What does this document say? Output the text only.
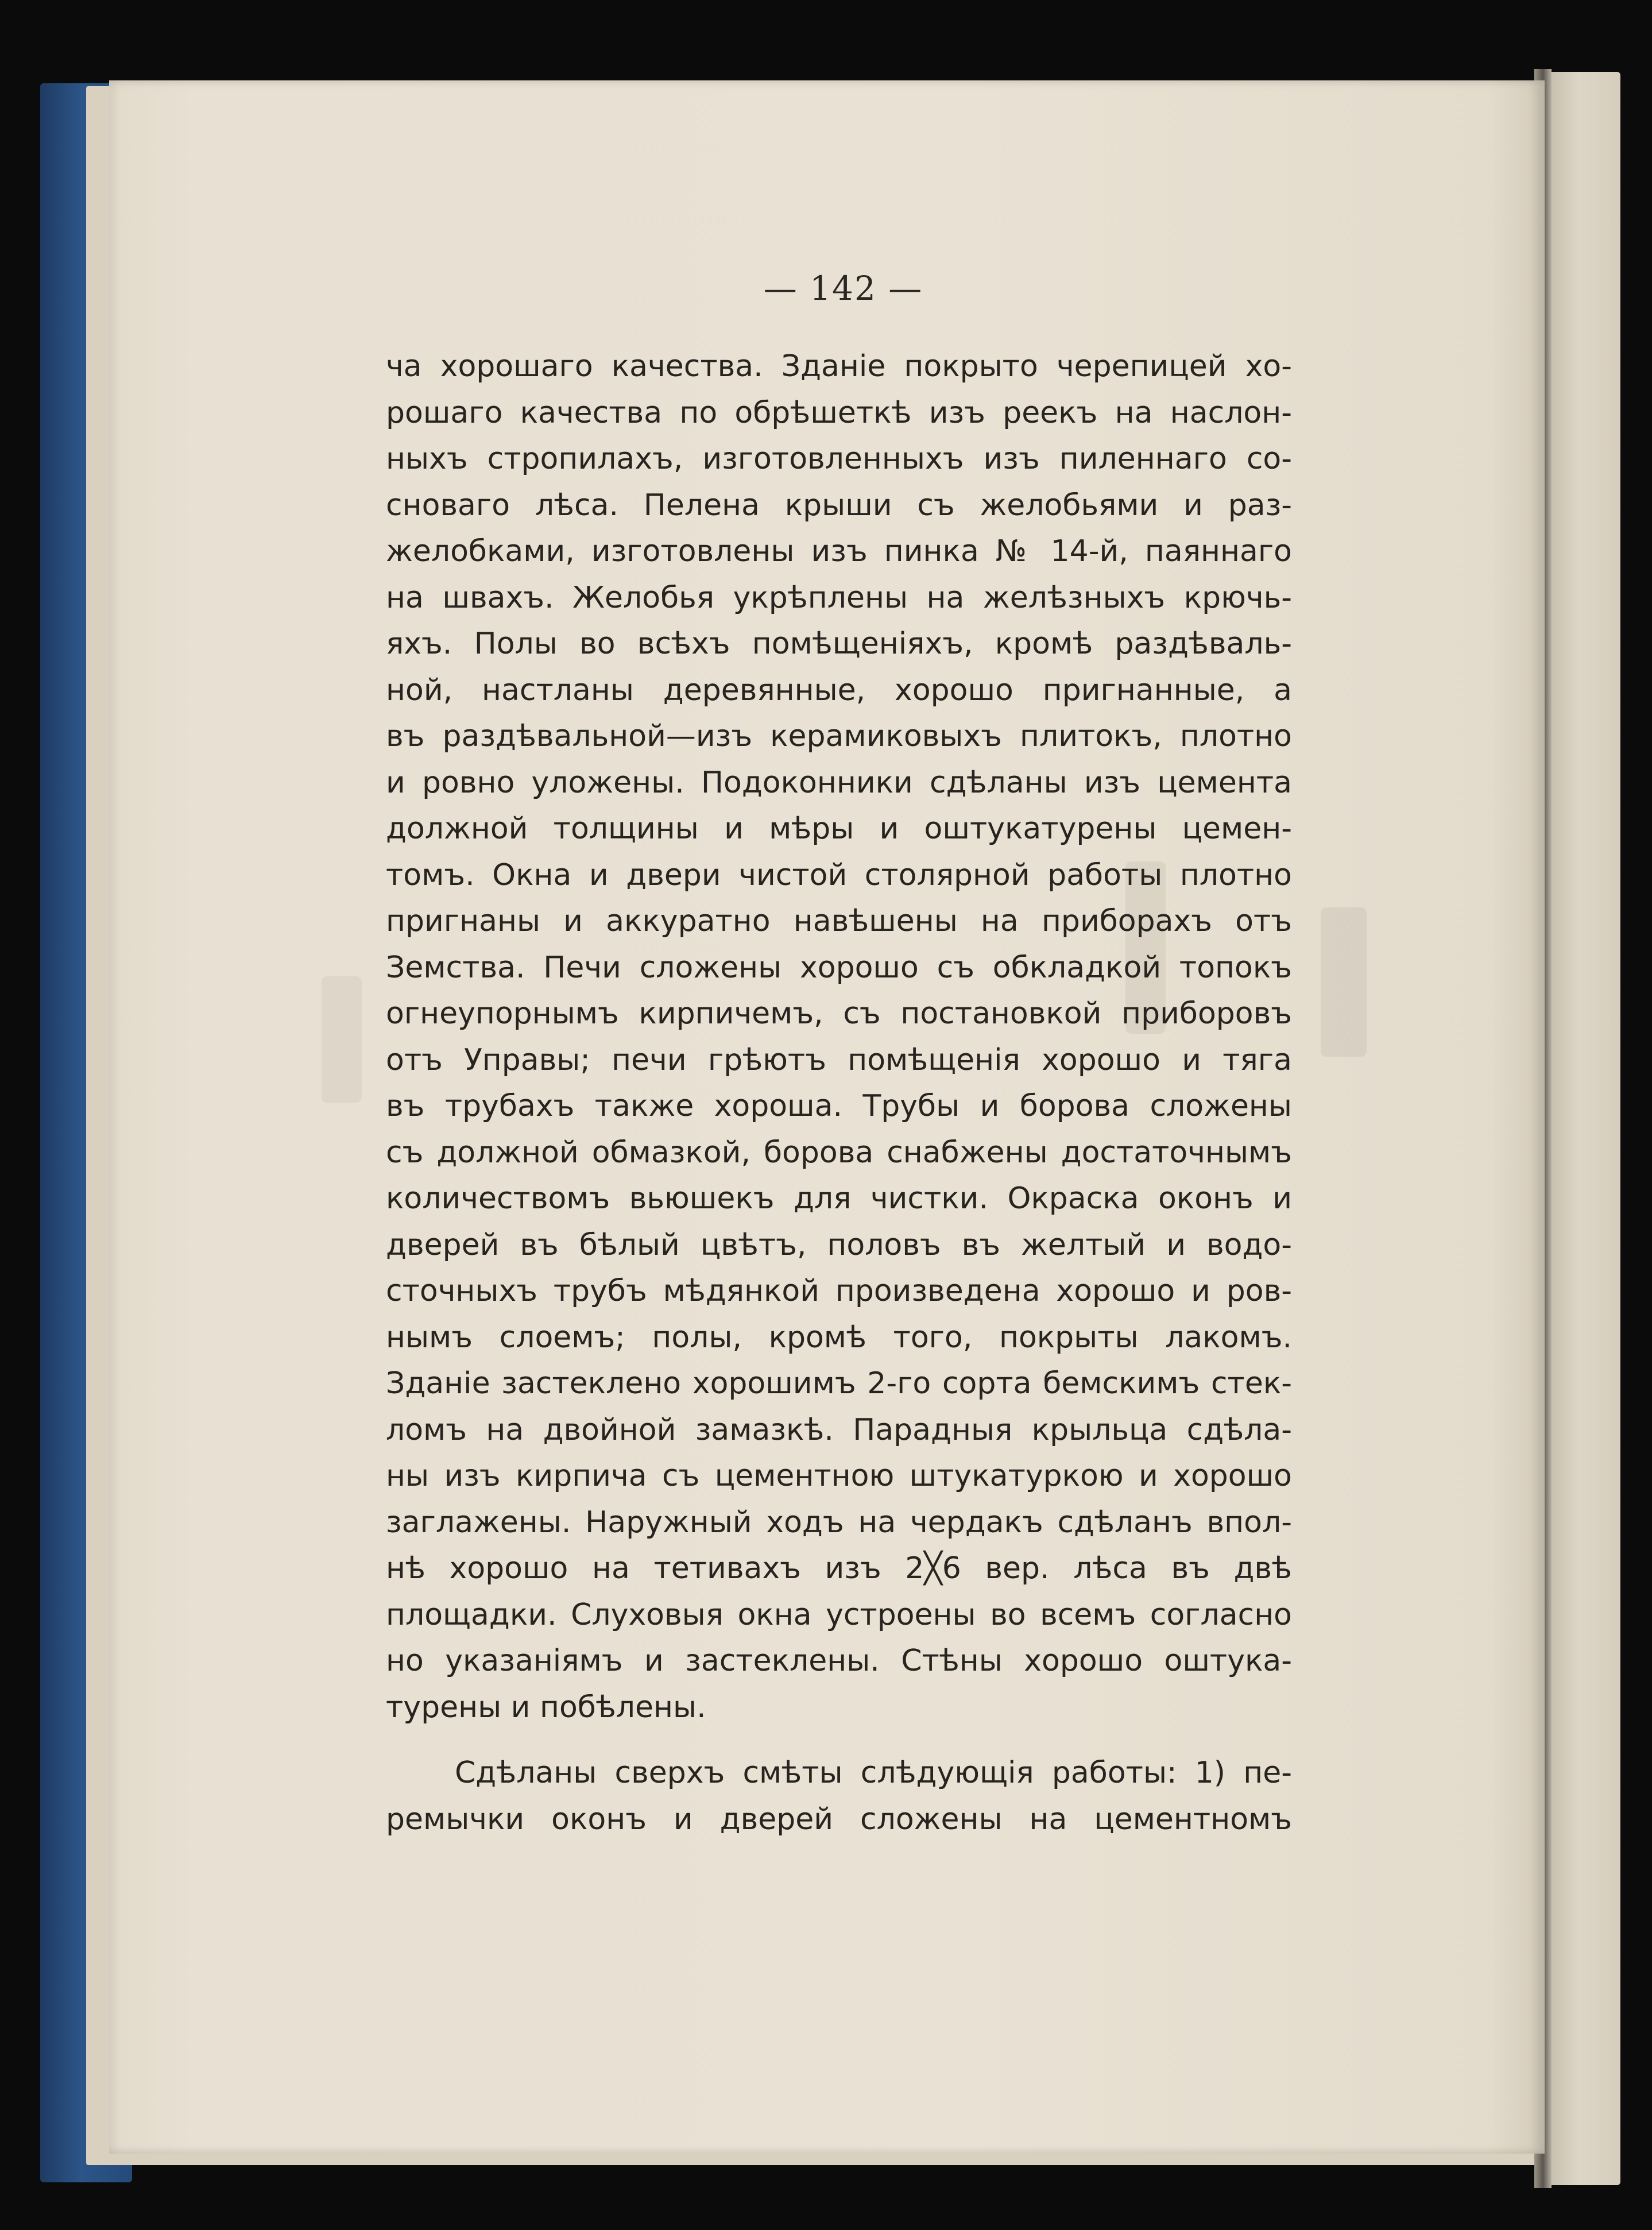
— 142 —
ча хорошаго качества. Зданіе покрыто черепицей хо-
рошаго качества по обрѣшеткѣ изъ реекъ на наслон-
ныхъ стропилахъ, изготовленныхъ изъ пиленнаго со-
сноваго лѣса. Пелена крыши съ желобьями и раз-
желобками, изготовлены изъ пинка № 14-й, паяннаго
на швахъ. Желобья укрѣплены на желѣзныхъ крючь-
яхъ. Полы во всѣхъ помѣщеніяхъ, кромѣ раздѣваль-
ной, настланы деревянные, хорошо пригнанные, а
въ раздѣвальной—изъ керамиковыхъ плитокъ, плотно
и ровно уложены. Подоконники сдѣланы изъ цемента
должной толщины и мѣры и оштукатурены цемен-
томъ. Окна и двери чистой столярной работы плотно
пригнаны и аккуратно навѣшены на приборахъ отъ
Земства. Печи сложены хорошо съ обкладкой топокъ
огнеупорнымъ кирпичемъ, съ постановкой приборовъ
отъ Управы; печи грѣютъ помѣщенія хорошо и тяга
въ трубахъ также хороша. Трубы и борова сложены
съ должной обмазкой, борова снабжены достаточнымъ
количествомъ вьюшекъ для чистки. Окраска оконъ и
дверей въ бѣлый цвѣтъ, половъ въ желтый и водо-
сточныхъ трубъ мѣдянкой произведена хорошо и ров-
нымъ слоемъ; полы, кромѣ того, покрыты лакомъ.
Зданіе застеклено хорошимъ 2-го сорта бемскимъ стек-
ломъ на двойной замазкѣ. Парадныя крыльца сдѣла-
ны изъ кирпича съ цементною штукатуркою и хорошо
заглажены. Наружный ходъ на чердакъ сдѣланъ впол-
нѣ хорошо на тетивахъ изъ 2╳6 вер. лѣса въ двѣ
площадки. Слуховыя окна устроены во всемъ согласно
но указаніямъ и застеклены. Стѣны хорошо оштука-
турены и побѣлены.
Сдѣланы сверхъ смѣты слѣдующія работы: 1) пе-
ремычки оконъ и дверей сложены на цементномъ
